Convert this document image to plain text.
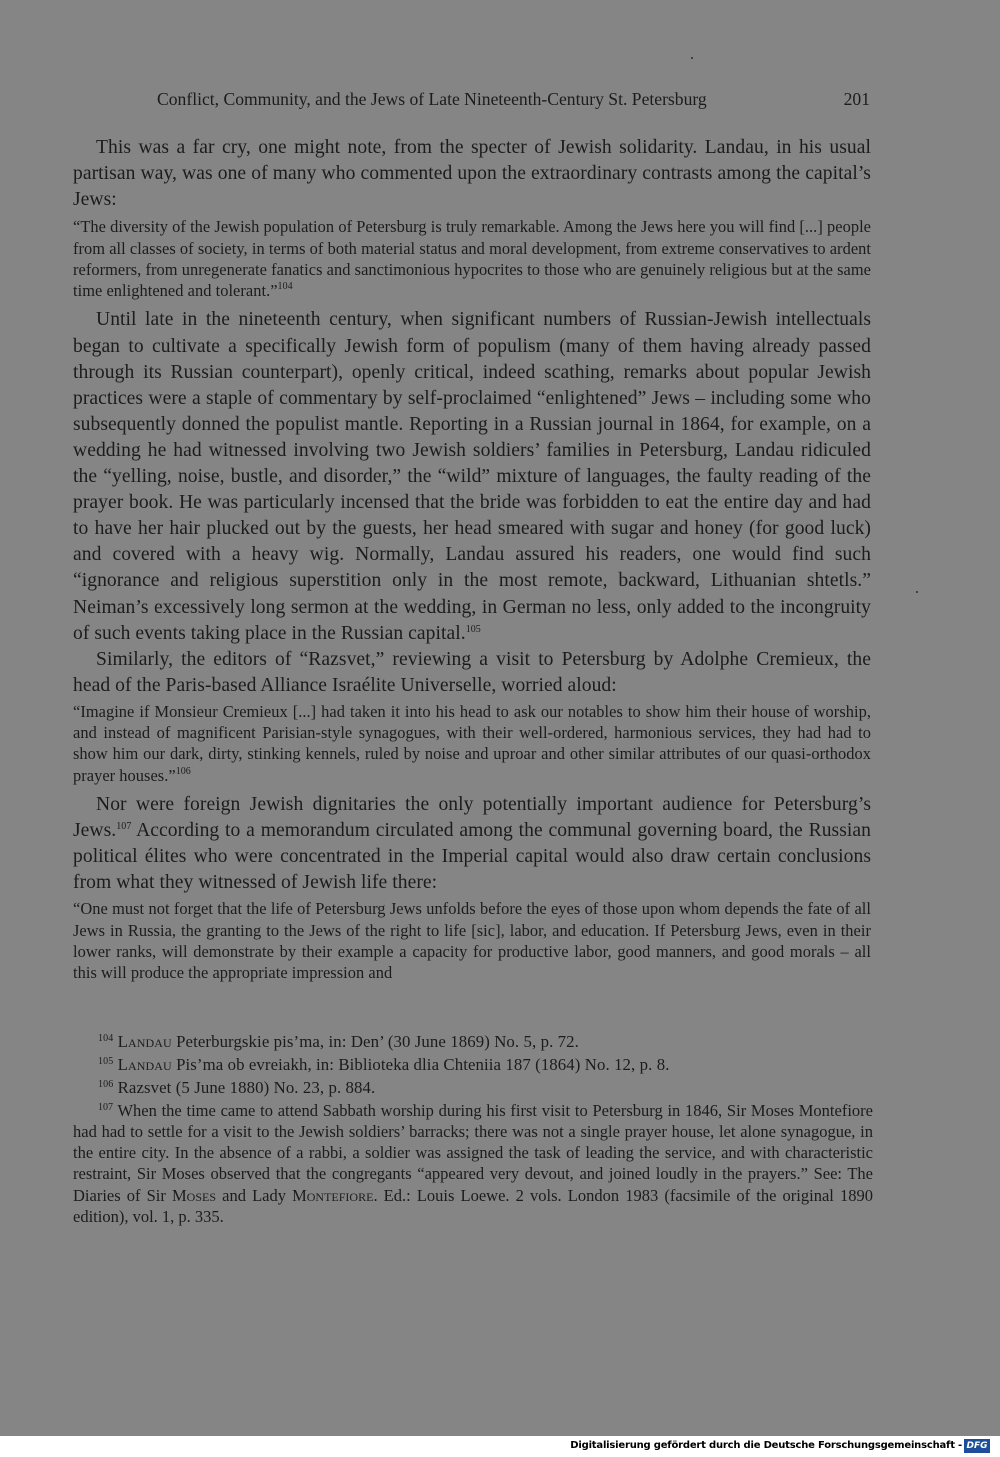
Conflict, Community, and the Jews of Late Nineteenth-Century St. Petersburg	201

This was a far cry, one might note, from the specter of Jewish solidarity. Landau, in his usual partisan way, was one of many who commented upon the extraordinary contrasts among the capital’s Jews:

“The diversity of the Jewish population of Petersburg is truly remarkable. Among the Jews here you will find [...] people from all classes of society, in terms of both material status and moral development, from extreme conservatives to ardent reformers, from unregenerate fanatics and sanctimonious hypocrites to those who are genuinely religious but at the same time enlightened and tolerant.”$^{104}$

Until late in the nineteenth century, when significant numbers of Russian-Jewish intellectuals began to cultivate a specifically Jewish form of populism (many of them having already passed through its Russian counterpart), openly critical, indeed scathing, remarks about popular Jewish practices were a staple of commentary by self-proclaimed “enlightened” Jews – including some who subsequently donned the populist mantle. Reporting in a Russian journal in 1864, for example, on a wedding he had witnessed involving two Jewish soldiers’ families in Petersburg, Landau ridiculed the “yelling, noise, bustle, and disorder,” the “wild” mixture of languages, the faulty reading of the prayer book. He was particularly incensed that the bride was forbidden to eat the entire day and had to have her hair plucked out by the guests, her head smeared with sugar and honey (for good luck) and covered with a heavy wig. Normally, Landau assured his readers, one would find such “ignorance and religious superstition only in the most remote, backward, Lithuanian shtetls.” Neiman’s excessively long sermon at the wedding, in German no less, only added to the incongruity of such events taking place in the Russian capital.$^{105}$

Similarly, the editors of “Razsvet,” reviewing a visit to Petersburg by Adolphe Cremieux, the head of the Paris-based Alliance Israélite Universelle, worried aloud:

“Imagine if Monsieur Cremieux [...] had taken it into his head to ask our notables to show him their house of worship, and instead of magnificent Parisian-style synagogues, with their well-ordered, harmonious services, they had had to show him our dark, dirty, stinking kennels, ruled by noise and uproar and other similar attributes of our quasi-orthodox prayer houses.”$^{106}$

Nor were foreign Jewish dignitaries the only potentially important audience for Petersburg’s Jews.$^{107}$ According to a memorandum circulated among the communal governing board, the Russian political élites who were concentrated in the Imperial capital would also draw certain conclusions from what they witnessed of Jewish life there:

“One must not forget that the life of Petersburg Jews unfolds before the eyes of those upon whom depends the fate of all Jews in Russia, the granting to the Jews of the right to life [sic], labor, and education. If Petersburg Jews, even in their lower ranks, will demonstrate by their example a capacity for productive labor, good manners, and good morals – all this will produce the appropriate impression and

$^{104}$ Landau Peterburgskie pis’ma, in: Den’ (30 June 1869) No. 5, p. 72.

$^{105}$ Landau Pis’ma ob evreiakh, in: Biblioteka dlia Chteniia 187 (1864) No. 12, p. 8.

$^{106}$ Razsvet (5 June 1880) No. 23, p. 884.

$^{107}$ When the time came to attend Sabbath worship during his first visit to Petersburg in 1846, Sir Moses Montefiore had had to settle for a visit to the Jewish soldiers’ barracks; there was not a single prayer house, let alone synagogue, in the entire city. In the absence of a rabbi, a soldier was assigned the task of leading the service, and with characteristic restraint, Sir Moses observed that the congregants “appeared very devout, and joined loudly in the prayers.” See: The Diaries of Sir Moses and Lady Montefiore. Ed.: Louis Loewe. 2 vols. London 1983 (facsimile of the original 1890 edition), vol. 1, p. 335.

Digitalisierung gefördert durch die Deutsche Forschungsgemeinschaft - DFG
